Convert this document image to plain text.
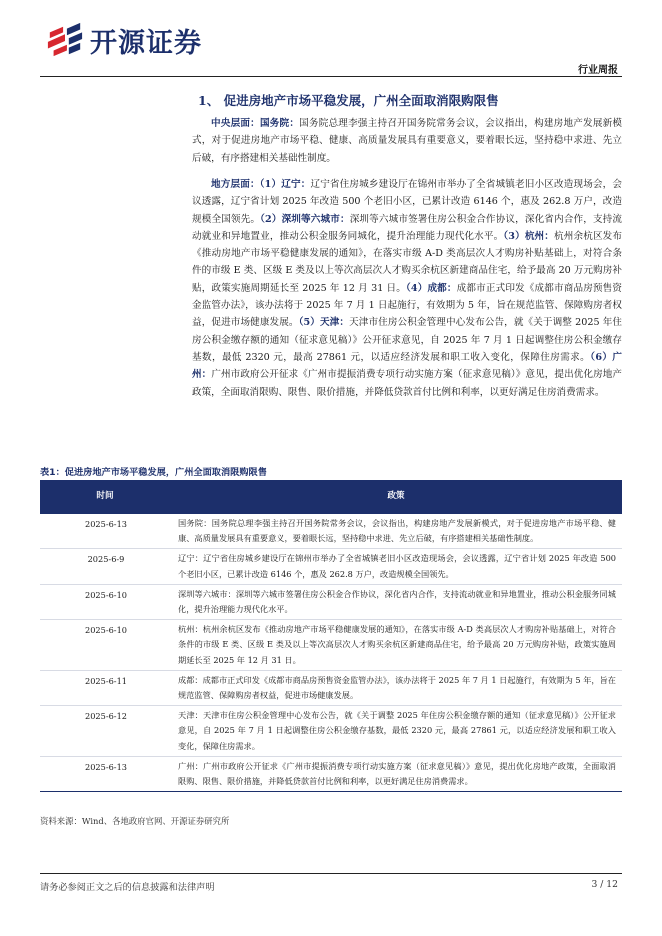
开源证券
行业周报
1、 促进房地产市场平稳发展，广州全面取消限购限售
中央层面：国务院：国务院总理李强主持召开国务院常务会议，会议指出，构建房地产发展新模式，对于促进房地产市场平稳、健康、高质量发展具有重要意义，要着眼长远，坚持稳中求进、先立后破，有序搭建相关基础性制度。
地方层面：（1）辽宁：辽宁省住房城乡建设厅在锦州市举办了全省城镇老旧小区改造现场会，会议透露，辽宁省计划 2025 年改造 500 个老旧小区，已累计改造 6146 个，惠及 262.8 万户，改造规模全国领先。（2）深圳等六城市：深圳等六城市签署住房公积金合作协议，深化省内合作，支持流动就业和异地置业，推动公积金服务同城化，提升治理能力现代化水平。（3）杭州：杭州余杭区发布《推动房地产市场平稳健康发展的通知》，在落实市级 A-D 类高层次人才购房补贴基础上，对符合条件的市级 E 类、区级 E 类及以上等次高层次人才购买余杭区新建商品住宅，给予最高 20 万元购房补贴，政策实施周期延长至 2025 年 12 月 31 日。（4）成都：成都市正式印发《成都市商品房预售资金监管办法》，该办法将于 2025 年 7 月 1 日起施行，有效期为 5 年，旨在规范监管、保障购房者权益，促进市场健康发展。（5）天津：天津市住房公积金管理中心发布公告，就《关于调整 2025 年住房公积金缴存额的通知（征求意见稿）》公开征求意见，自 2025 年 7 月 1 日起调整住房公积金缴存基数，最低 2320 元，最高 27861 元，以适应经济发展和职工收入变化，保障住房需求。（6）广州：广州市政府公开征求《广州市提振消费专项行动实施方案（征求意见稿）》意见，提出优化房地产政策，全面取消限购、限售、限价措施，并降低贷款首付比例和利率，以更好满足住房消费需求。
表1：促进房地产市场平稳发展，广州全面取消限购限售
时间	政策
2025-6-13	国务院：国务院总理李强主持召开国务院常务会议，会议指出，构建房地产发展新模式，对于促进房地产市场平稳、健康、高质量发展具有重要意义，要着眼长远，坚持稳中求进、先立后破，有序搭建相关基础性制度。
2025-6-9	辽宁：辽宁省住房城乡建设厅在锦州市举办了全省城镇老旧小区改造现场会，会议透露，辽宁省计划 2025 年改造 500 个老旧小区，已累计改造 6146 个，惠及 262.8 万户，改造规模全国领先。
2025-6-10	深圳等六城市：深圳等六城市签署住房公积金合作协议，深化省内合作，支持流动就业和异地置业，推动公积金服务同城化，提升治理能力现代化水平。
2025-6-10	杭州：杭州余杭区发布《推动房地产市场平稳健康发展的通知》，在落实市级 A-D 类高层次人才购房补贴基础上，对符合条件的市级 E 类、区级 E 类及以上等次高层次人才购买余杭区新建商品住宅，给予最高 20 万元购房补贴，政策实施周期延长至 2025 年 12 月 31 日。
2025-6-11	成都：成都市正式印发《成都市商品房预售资金监管办法》，该办法将于 2025 年 7 月 1 日起施行，有效期为 5 年，旨在规范监管、保障购房者权益，促进市场健康发展。
2025-6-12	天津：天津市住房公积金管理中心发布公告，就《关于调整 2025 年住房公积金缴存额的通知（征求意见稿）》公开征求意见，自 2025 年 7 月 1 日起调整住房公积金缴存基数，最低 2320 元，最高 27861 元，以适应经济发展和职工收入变化，保障住房需求。
2025-6-13	广州：广州市政府公开征求《广州市提振消费专项行动实施方案（征求意见稿）》意见，提出优化房地产政策，全面取消限购、限售、限价措施，并降低贷款首付比例和利率，以更好满足住房消费需求。
资料来源：Wind、各地政府官网、开源证券研究所
请务必参阅正文之后的信息披露和法律声明	3 / 12
